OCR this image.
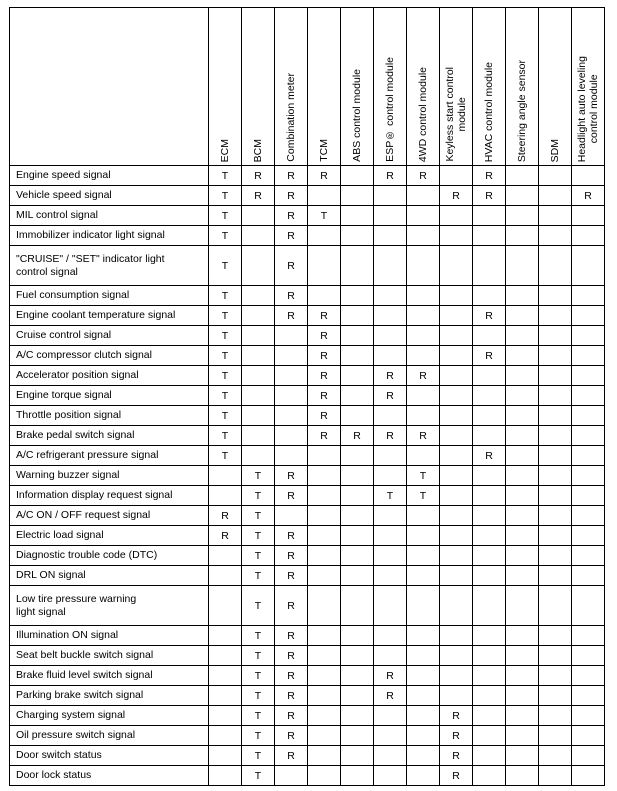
	ECM	BCM	Combination meter	TCM	ABS control module	ESP® control module	4WD control module	Keyless start control
module	HVAC control module	Steering angle sensor	SDM	Headlight auto leveling
control module
Engine speed signal	T	R	R	R		R	R		R			
Vehicle speed signal	T	R	R					R	R			R
MIL control signal	T		R	T								
Immobilizer indicator light signal	T		R									
"CRUISE" / "SET" indicator light
control signal	T		R									
Fuel consumption signal	T		R									
Engine coolant temperature signal	T		R	R					R			
Cruise control signal	T			R								
A/C compressor clutch signal	T			R					R			
Accelerator position signal	T			R		R	R					
Engine torque signal	T			R		R						
Throttle position signal	T			R								
Brake pedal switch signal	T			R	R	R	R					
A/C refrigerant pressure signal	T								R			
Warning buzzer signal		T	R				T					
Information display request signal		T	R			T	T					
A/C ON / OFF request signal	R	T										
Electric load signal	R	T	R									
Diagnostic trouble code (DTC)		T	R									
DRL ON signal		T	R									
Low tire pressure warning
light signal		T	R									
Illumination ON signal		T	R									
Seat belt buckle switch signal		T	R									
Brake fluid level switch signal		T	R			R						
Parking brake switch signal		T	R			R						
Charging system signal		T	R					R				
Oil pressure switch signal		T	R					R				
Door switch status		T	R					R				
Door lock status		T						R				
